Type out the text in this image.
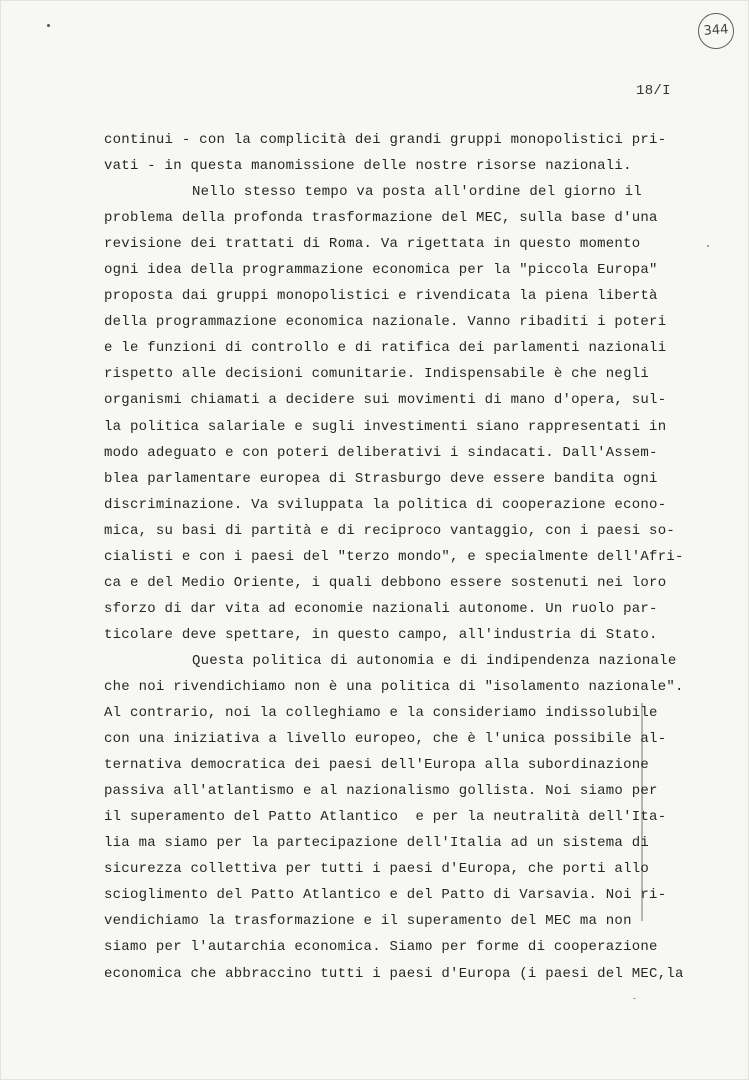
344
18/I
continui - con la complicità dei grandi gruppi monopolistici pri-
vati - in questa manomissione delle nostre risorse nazionali.
Nello stesso tempo va posta all'ordine del giorno il
problema della profonda trasformazione del MEC, sulla base d'una
revisione dei trattati di Roma. Va rigettata in questo momento
ogni idea della programmazione economica per la "piccola Europa"
proposta dai gruppi monopolistici e rivendicata la piena libertà
della programmazione economica nazionale. Vanno ribaditi i poteri
e le funzioni di controllo e di ratifica dei parlamenti nazionali
rispetto alle decisioni comunitarie. Indispensabile è che negli
organismi chiamati a decidere sui movimenti di mano d'opera, sul-
la politica salariale e sugli investimenti siano rappresentati in
modo adeguato e con poteri deliberativi i sindacati. Dall'Assem-
blea parlamentare europea di Strasburgo deve essere bandita ogni
discriminazione. Va sviluppata la politica di cooperazione econo-
mica, su basi di partità e di reciproco vantaggio, con i paesi so-
cialisti e con i paesi del "terzo mondo", e specialmente dell'Afri-
ca e del Medio Oriente, i quali debbono essere sostenuti nei loro
sforzo di dar vita ad economie nazionali autonome. Un ruolo par-
ticolare deve spettare, in questo campo, all'industria di Stato.
Questa politica di autonomia e di indipendenza nazionale
che noi rivendichiamo non è una politica di "isolamento nazionale".
Al contrario, noi la colleghiamo e la consideriamo indissolubile
con una iniziativa a livello europeo, che è l'unica possibile al-
ternativa democratica dei paesi dell'Europa alla subordinazione
passiva all'atlantismo e al nazionalismo gollista. Noi siamo per
il superamento del Patto Atlantico  e per la neutralità dell'Ita-
lia ma siamo per la partecipazione dell'Italia ad un sistema di
sicurezza collettiva per tutti i paesi d'Europa, che porti allo
scioglimento del Patto Atlantico e del Patto di Varsavia. Noi ri-
vendichiamo la trasformazione e il superamento del MEC ma non
siamo per l'autarchia economica. Siamo per forme di cooperazione
economica che abbraccino tutti i paesi d'Europa (i paesi del MEC,la
